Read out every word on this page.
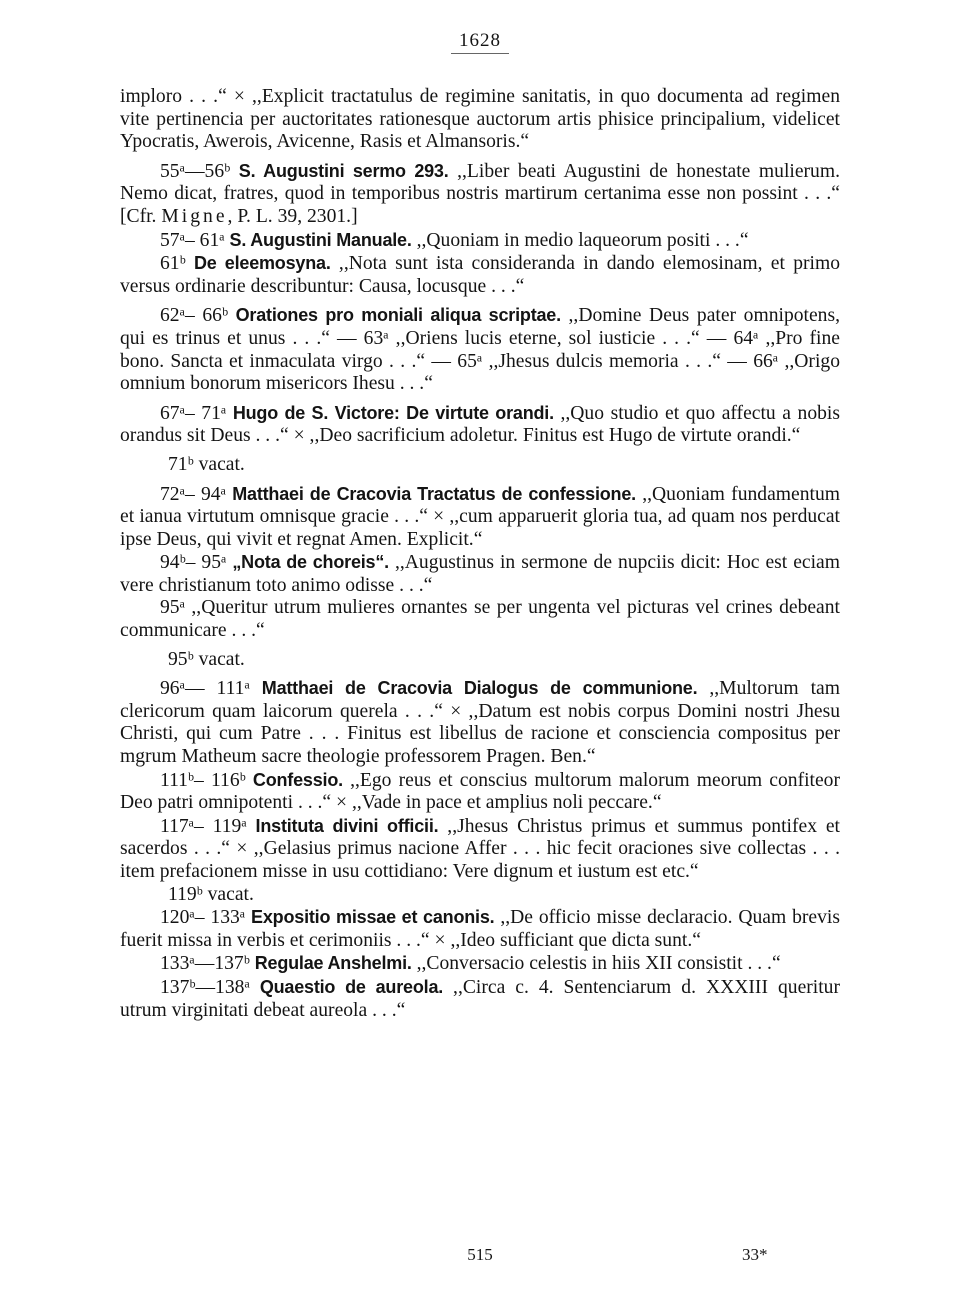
1628

imploro . . .“ × ,,Explicit tractatulus de regimine sanitatis, in quo documenta ad regimen vite pertinencia per auctoritates rationesque auctorum artis phisice principalium, videlicet Ypocratis, Awerois, Avicenne, Rasis et Almansoris.“

55ᵃ—56ᵇ S. Augustini sermo 293. ,,Liber beati Augustini de honestate mulierum. Nemo dicat, fratres, quod in temporibus nostris martirum certanima esse non possint . . .“ [Cfr. Migne, P. L. 39, 2301.]

57ᵃ– 61ᵃ S. Augustini Manuale. ,,Quoniam in medio laqueorum positi . . .“

61ᵇ De eleemosyna. ,,Nota sunt ista consideranda in dando elemosinam, et primo versus ordinarie describuntur: Causa, locusque . . .“

62ᵃ– 66ᵇ Orationes pro moniali aliqua scriptae. ,,Domine Deus pater omnipotens, qui es trinus et unus . . .“ — 63ᵃ ,,Oriens lucis eterne, sol iusticie . . .“ — 64ᵃ ,,Pro fine bono. Sancta et inmaculata virgo . . .“ — 65ᵃ ,,Jhesus dulcis memoria . . .“ — 66ᵃ ,,Origo omnium bonorum misericors Ihesu . . .“

67ᵃ– 71ᵃ Hugo de S. Victore: De virtute orandi. ,,Quo studio et quo affectu a nobis orandus sit Deus . . .“ × ,,Deo sacrificium adoletur. Finitus est Hugo de virtute orandi.“

71ᵇ vacat.

72ᵃ– 94ᵃ Matthaei de Cracovia Tractatus de confessione. ,,Quoniam fundamentum et ianua virtutum omnisque gracie . . .“ × ,,cum apparuerit gloria tua, ad quam nos perducat ipse Deus, qui vivit et regnat Amen. Explicit.“

94ᵇ– 95ᵃ „Nota de choreis“. ,,Augustinus in sermone de nupciis dicit: Hoc est eciam vere christianum toto animo odisse . . .“

95ᵃ ,,Queritur utrum mulieres ornantes se per ungenta vel picturas vel crines debeant communicare . . .“

95ᵇ vacat.

96ᵃ— 111ᵃ Matthaei de Cracovia Dialogus de communione. ,,Multorum tam clericorum quam laicorum querela . . .“ × ,,Datum est nobis corpus Domini nostri Jhesu Christi, qui cum Patre . . . Finitus est libellus de racione et consciencia compositus per mgrum Matheum sacre theologie professorem Pragen. Ben.“

111ᵇ– 116ᵇ Confessio. ,,Ego reus et conscius multorum malorum meorum confiteor Deo patri omnipotenti . . .“ × ,,Vade in pace et amplius noli peccare.“

117ᵃ– 119ᵃ Instituta divini officii. ,,Jhesus Christus primus et summus pontifex et sacerdos . . .“ × ,,Gelasius primus nacione Affer . . . hic fecit oraciones sive collectas . . . item prefacionem misse in usu cottidiano: Vere dignum et iustum est etc.“

119ᵇ vacat.

120ᵃ– 133ᵃ Expositio missae et canonis. ,,De officio misse declaracio. Quam brevis fuerit missa in verbis et cerimoniis . . .“ × ,,Ideo sufficiant que dicta sunt.“

133ᵃ—137ᵇ Regulae Anshelmi. ,,Conversacio celestis in hiis XII consistit . . .“

137ᵇ—138ᵃ Quaestio de aureola. ,,Circa c. 4. Sentenciarum d. XXXIII queritur utrum virginitati debeat aureola . . .“

515	33*
